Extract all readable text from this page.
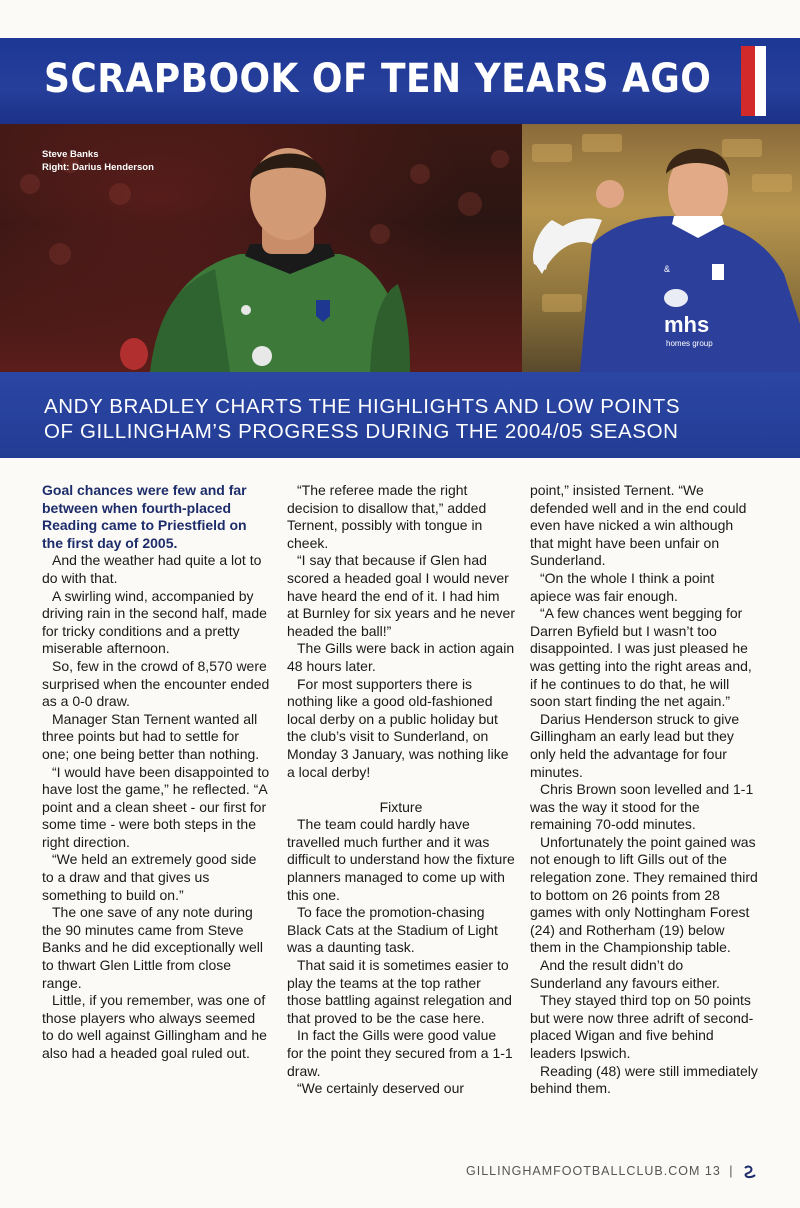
SCRAPBOOK OF TEN YEARS AGO
Steve Banks
Right: Darius Henderson
&
mhs
homes group
ANDY BRADLEY CHARTS THE HIGHLIGHTS AND LOW POINTS
OF GILLINGHAM’S PROGRESS DURING THE 2004/05 SEASON

Goal chances were few and far between when fourth-placed Reading came to Priestfield on the first day of 2005.

And the weather had quite a lot to do with that.

A swirling wind, accompanied by driving rain in the second half, made for tricky conditions and a pretty miserable afternoon.

So, few in the crowd of 8,570 were surprised when the encounter ended as a 0-0 draw.

Manager Stan Ternent wanted all three points but had to settle for one; one being better than nothing.

“I would have been disappointed to have lost the game,” he reflected. “A point and a clean sheet - our first for some time - were both steps in the right direction.

“We held an extremely good side to a draw and that gives us something to build on.”

The one save of any note during the 90 minutes came from Steve Banks and he did exceptionally well to thwart Glen Little from close range.

Little, if you remember, was one of those players who always seemed to do well against Gillingham and he also had a headed goal ruled out.

“The referee made the right decision to disallow that,” added Ternent, possibly with tongue in cheek.

“I say that because if Glen had scored a headed goal I would never have heard the end of it. I had him at Burnley for six years and he never headed the ball!”

The Gills were back in action again 48 hours later.

For most supporters there is nothing like a good old-fashioned local derby on a public holiday but the club’s visit to Sunderland, on Monday 3 January, was nothing like a local derby!

Fixture

The team could hardly have travelled much further and it was difficult to understand how the fixture planners managed to come up with this one.

To face the promotion-chasing Black Cats at the Stadium of Light was a daunting task.

That said it is sometimes easier to play the teams at the top rather those battling against relegation and that proved to be the case here.

In fact the Gills were good value for the point they secured from a 1-1 draw.

“We certainly deserved our

point,” insisted Ternent. “We defended well and in the end could even have nicked a win although that might have been unfair on Sunderland.

“On the whole I think a point apiece was fair enough.

“A few chances went begging for Darren Byfield but I wasn’t too disappointed. I was just pleased he was getting into the right areas and, if he continues to do that, he will soon start finding the net again.”

Darius Henderson struck to give Gillingham an early lead but they only held the advantage for four minutes.

Chris Brown soon levelled and 1-1 was the way it stood for the remaining 70-odd minutes.

Unfortunately the point gained was not enough to lift Gills out of the relegation zone. They remained third to bottom on 26 points from 28 games with only Nottingham Forest (24) and Rotherham (19) below them in the Championship table.

And the result didn’t do Sunderland any favours either.

They stayed third top on 50 points but were now three adrift of second-placed Wigan and five behind leaders Ipswich.

Reading (48) were still immediately behind them.

GILLINGHAMFOOTBALLCLUB.COM 13 |
